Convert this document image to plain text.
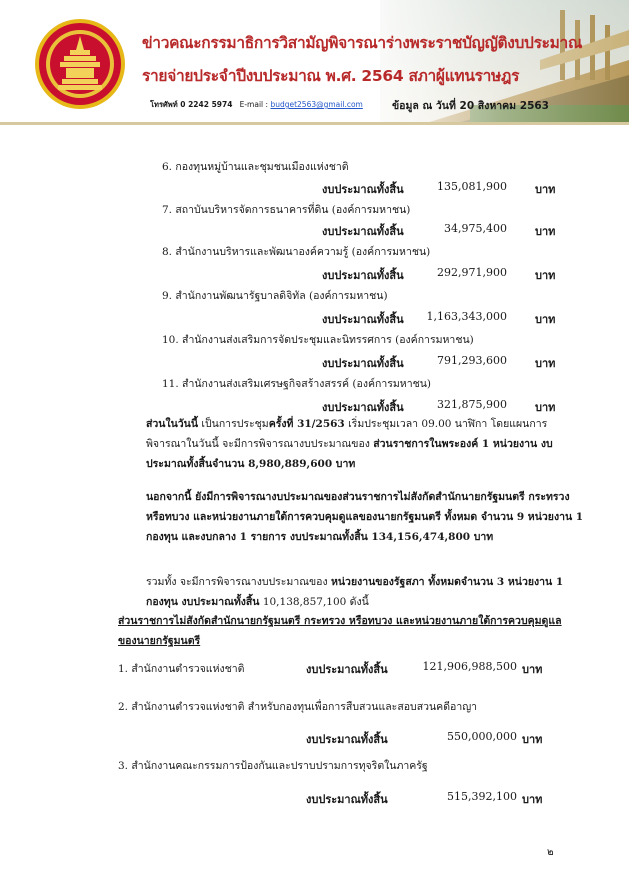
ข่าวคณะกรรมาธิการวิสามัญพิจารณาร่างพระราชบัญญัติงบประมาณ
รายจ่ายประจำปีงบประมาณ พ.ศ. 2564 สภาผู้แทนราษฎร
โทรศัพท์ 0 2242 5974 E-mail : budget2563@gmail.com	ข้อมูล ณ วันที่ 20 สิงหาคม 2563
6. กองทุนหมู่บ้านและชุมชนเมืองแห่งชาติ
งบประมาณทั้งสิ้น	135,081,900	บาท
7. สถาบันบริหารจัดการธนาคารที่ดิน (องค์การมหาชน)
งบประมาณทั้งสิ้น	34,975,400	บาท
8. สำนักงานบริหารและพัฒนาองค์ความรู้ (องค์การมหาชน)
งบประมาณทั้งสิ้น	292,971,900	บาท
9. สำนักงานพัฒนารัฐบาลดิจิทัล (องค์การมหาชน)
งบประมาณทั้งสิ้น 1,163,343,000	บาท
10. สำนักงานส่งเสริมการจัดประชุมและนิทรรศการ (องค์การมหาชน)
งบประมาณทั้งสิ้น	791,293,600	บาท
11. สำนักงานส่งเสริมเศรษฐกิจสร้างสรรค์ (องค์การมหาชน)
งบประมาณทั้งสิ้น	321,875,900	บาท
ส่วนในวันนี้ เป็นการประชุมครั้งที่ 31/2563 เริ่มประชุมเวลา 09.00 นาฬิกา โดยแผนการพิจารณาในวันนี้ จะมีการพิจารณางบประมาณของ ส่วนราชการในพระองค์ 1 หน่วยงาน งบประมาณทั้งสิ้นจำนวน 8,980,889,600 บาท
นอกจากนี้ ยังมีการพิจารณางบประมาณของส่วนราชการไม่สังกัดสำนักนายกรัฐมนตรี กระทรวง หรือทบวง และหน่วยงานภายใต้การควบคุมดูแลของนายกรัฐมนตรี ทั้งหมด จำนวน 9 หน่วยงาน 1 กองทุน และงบกลาง 1 รายการ งบประมาณทั้งสิ้น 134,156,474,800 บาท
รวมทั้ง จะมีการพิจารณางบประมาณของ หน่วยงานของรัฐสภา ทั้งหมดจำนวน 3 หน่วยงาน 1 กองทุน งบประมาณทั้งสิ้น 10,138,857,100 ดังนี้
ส่วนราชการไม่สังกัดสำนักนายกรัฐมนตรี กระทรวง หรือทบวง และหน่วยงานภายใต้การควบคุมดูแลของนายกรัฐมนตรี
1. สำนักงานตำรวจแห่งชาติ	งบประมาณทั้งสิ้น	121,906,988,500 บาท
2. สำนักงานตำรวจแห่งชาติ สำหรับกองทุนเพื่อการสืบสวนและสอบสวนคดีอาญา
งบประมาณทั้งสิ้น	550,000,000 บาท
3. สำนักงานคณะกรรมการป้องกันและปราบปรามการทุจริตในภาครัฐ
งบประมาณทั้งสิ้น	515,392,100 บาท
๒
